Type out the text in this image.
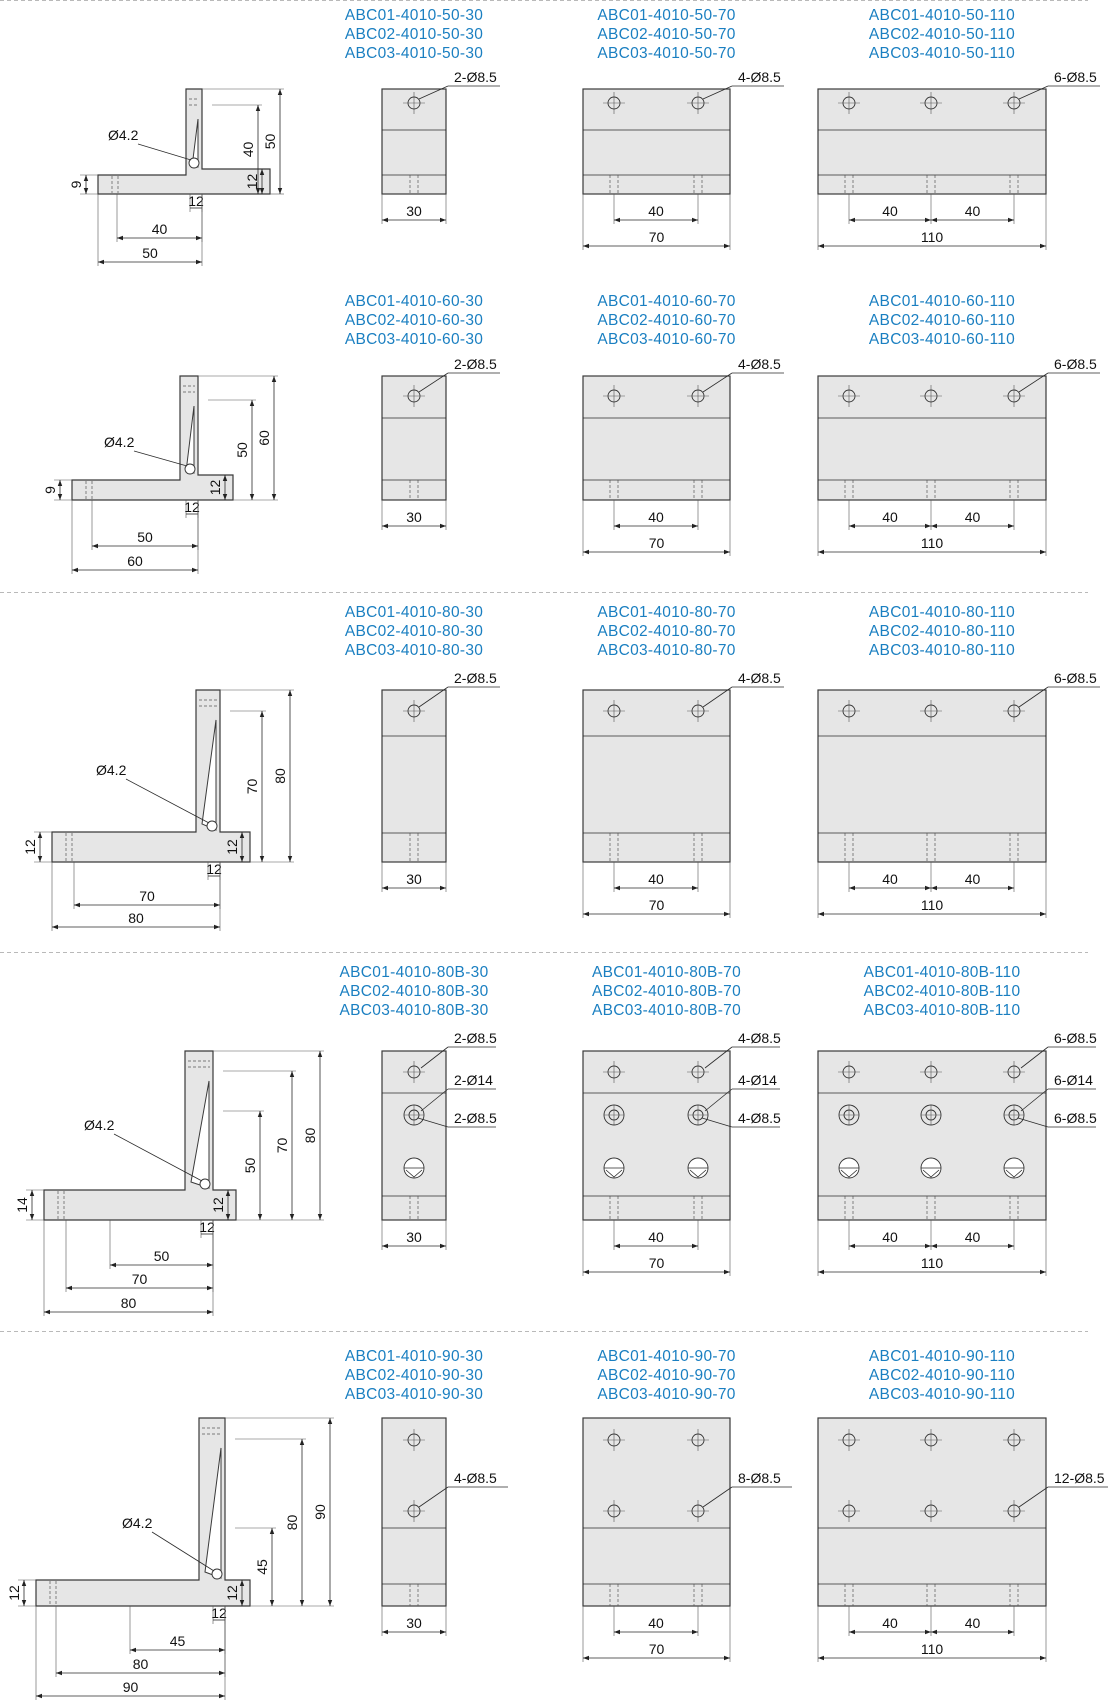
ABC01-4010-50-30
ABC02-4010-50-30
ABC03-4010-50-30
2-Ø8.5
30
ABC01-4010-50-70
ABC02-4010-50-70
ABC03-4010-50-70
4-Ø8.5
40
70
ABC01-4010-50-110
ABC02-4010-50-110
ABC03-4010-50-110
6-Ø8.5
40	40
110
ABC01-4010-60-30
ABC02-4010-60-30
ABC03-4010-60-30
2-Ø8.5
30
ABC01-4010-60-70
ABC02-4010-60-70
ABC03-4010-60-70
4-Ø8.5
40
70
ABC01-4010-60-110
ABC02-4010-60-110
ABC03-4010-60-110
6-Ø8.5
40	40
110
ABC01-4010-80-30
ABC02-4010-80-30
ABC03-4010-80-30
2-Ø8.5
30
ABC01-4010-80-70
ABC02-4010-80-70
ABC03-4010-80-70
4-Ø8.5
40
70
ABC01-4010-80-110
ABC02-4010-80-110
ABC03-4010-80-110
6-Ø8.5
40	40
110
ABC01-4010-80B-30
ABC02-4010-80B-30
ABC03-4010-80B-30
2-Ø8.5
2-Ø14
2-Ø8.5
30
ABC01-4010-80B-70
ABC02-4010-80B-70
ABC03-4010-80B-70
4-Ø8.5
4-Ø14
4-Ø8.5
40
70
ABC01-4010-80B-110
ABC02-4010-80B-110
ABC03-4010-80B-110
6-Ø8.5
6-Ø14
6-Ø8.5
40	40
110
ABC01-4010-90-30
ABC02-4010-90-30
ABC03-4010-90-30
4-Ø8.5
30
ABC01-4010-90-70
ABC02-4010-90-70
ABC03-4010-90-70
8-Ø8.5
40
70
ABC01-4010-90-110
ABC02-4010-90-110
ABC03-4010-90-110
12-Ø8.5
40	40
110
Ø4.2	50
40
12
9
12
40
50
Ø4.2	60
50
12
9
12
50
60
Ø4.2	80
70
12
12
12
70
80
Ø4.2
80
70
50
12
14
12
50
70
80
Ø4.2
90
80
45
12
12
12
45
80
90
